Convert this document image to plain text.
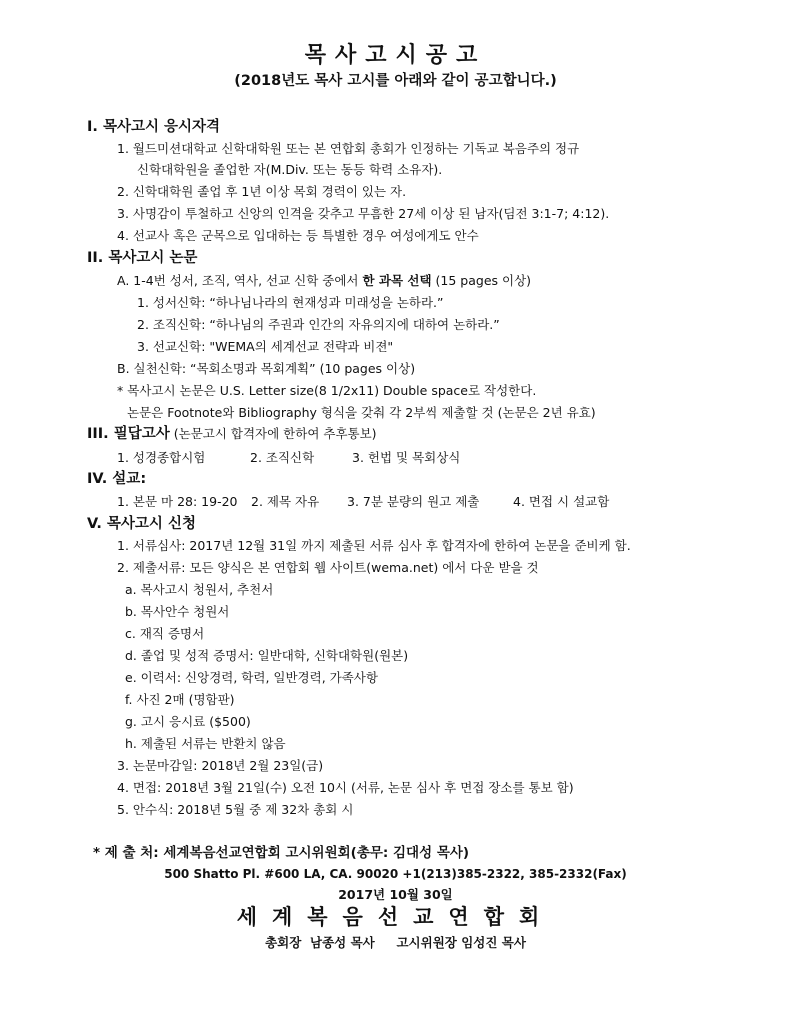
목사고시공고
(2018년도 목사 고시를 아래와 같이 공고합니다.)
I. 목사고시 응시자격
1. 월드미션대학교 신학대학원 또는 본 연합회 총회가 인정하는 기독교 복음주의 정규
신학대학원을 졸업한 자(M.Div. 또는 동등 학력 소유자).
2. 신학대학원 졸업 후 1년 이상 목회 경력이 있는 자.
3. 사명감이 투철하고 신앙의 인격을 갖추고 무흠한 27세 이상 된 남자(딤전 3:1-7; 4:12).
4. 선교사 혹은 군목으로 입대하는 등 특별한 경우 여성에게도 안수
II. 목사고시 논문
A. 1-4번 성서, 조직, 역사, 선교 신학 중에서 한 과목 선택 (15 pages 이상)
1. 성서신학: “하나님나라의 현재성과 미래성을 논하라.”
2. 조직신학: “하나님의 주권과 인간의 자유의지에 대하여 논하라.”
3. 선교신학: "WEMA의 세계선교 전략과 비젼"
B. 실천신학: “목회소명과 목회계획” (10 pages 이상)
* 목사고시 논문은 U.S. Letter size(8 1/2x11) Double space로 작성한다.
논문은 Footnote와 Bibliography 형식을 갖춰 각 2부씩 제출할 것 (논문은 2년 유효)
III. 필답고사 (논문고시 합격자에 한하여 추후통보)
1. 성경종합시험	2. 조직신학	3. 헌법 및 목회상식
IV. 설교:
1. 본문 마 28: 19-20 2. 제목 자유 3. 7분 분량의 원고 제출	4. 면접 시 설교함
V. 목사고시 신청
1. 서류심사: 2017년 12월 31일 까지 제출된 서류 심사 후 합격자에 한하여 논문을 준비케 함.
2. 제출서류: 모든 양식은 본 연합회 웹 사이트(wema.net) 에서 다운 받을 것
a. 목사고시 청원서, 추천서
b. 목사안수 청원서
c. 재직 증명서
d. 졸업 및 성적 증명서: 일반대학, 신학대학원(원본)
e. 이력서: 신앙경력, 학력, 일반경력, 가족사항
f. 사진 2매 (명함판)
g. 고시 응시료 ($500)
h. 제출된 서류는 반환치 않음
3. 논문마감일: 2018년 2월 23일(금)
4. 면접: 2018년 3월 21일(수) 오전 10시 (서류, 논문 심사 후 면접 장소를 통보 함)
5. 안수식: 2018년 5월 중 제 32차 총회 시
* 제 출 처: 세계복음선교연합회 고시위원회(총무: 김대성 목사)
500 Shatto Pl. #600 LA, CA. 90020 +1(213)385-2322, 385-2332(Fax)
2017년 10월 30일
세계복음선교연합회
총회장  남종성 목사     고시위원장 임성진 목사
